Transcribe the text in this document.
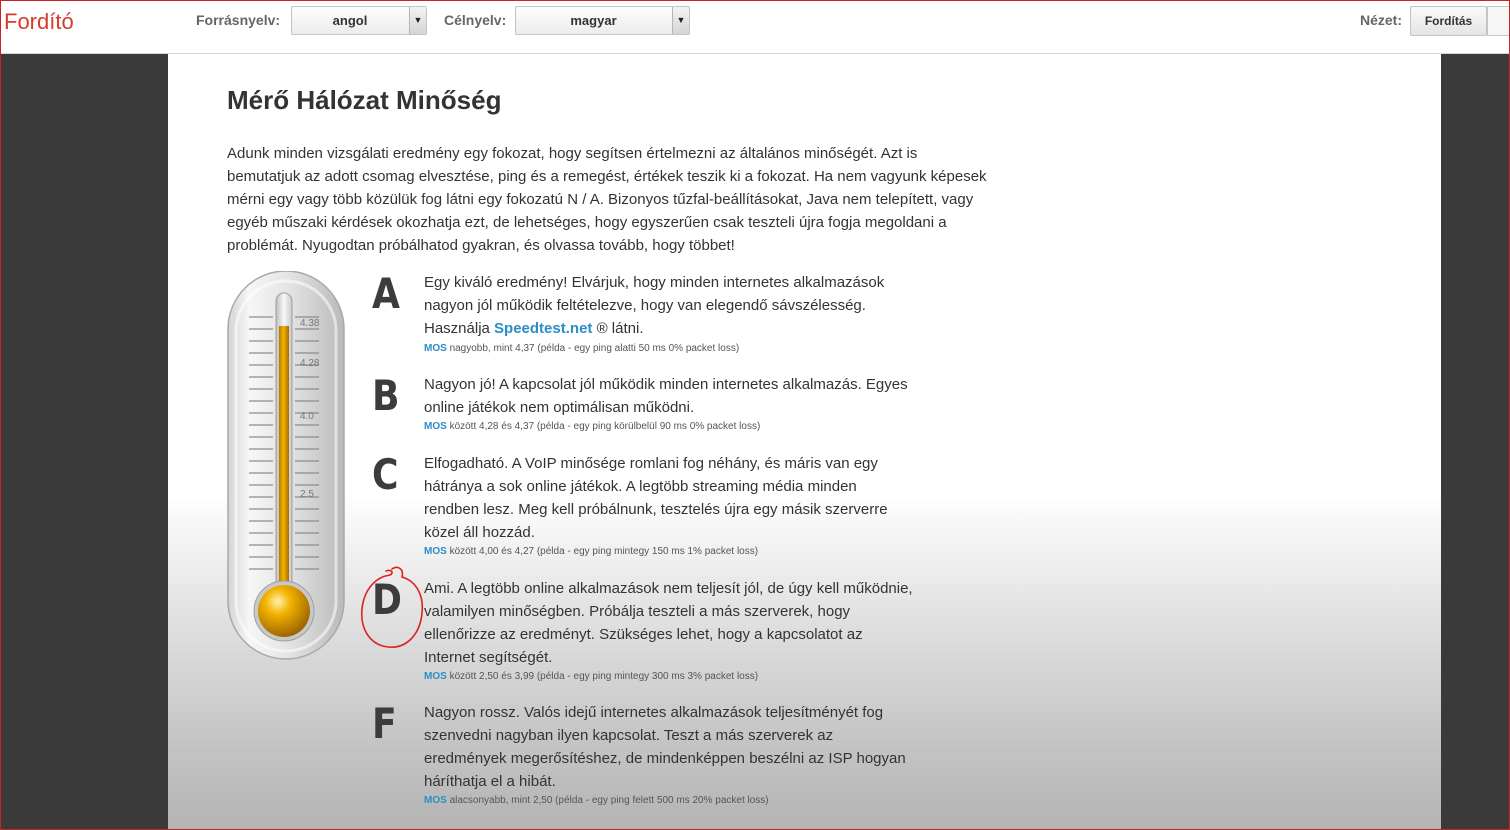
Fordító	Forrásnyelv:	angol	▼ Célnyelv:	magyar	▼	Nézet:	Fordítás
Mérő Hálózat Minőség

Adunk minden vizsgálati eredmény egy fokozat, hogy segítsen értelmezni az általános minőségét. Azt is bemutatjuk az adott csomag elvesztése, ping és a remegést, értékek teszik ki a fokozat. Ha nem vagyunk képesek mérni egy vagy több közülük fog látni egy fokozatú N / A. Bizonyos tűzfal-beállításokat, Java nem telepített, vagy egyéb műszaki kérdések okozhatja ezt, de lehetséges, hogy egyszerűen csak teszteli újra fogja megoldani a problémát. Nyugodtan próbálhatod gyakran, és olvassa tovább, hogy többet!

4.38
4.28
4.0
2.5
A Egy kiváló eredmény! Elvárjuk, hogy minden internetes alkalmazások nagyon jól működik feltételezve, hogy van elegendő sávszélesség. Használja Speedtest.net ® látni.

MOS nagyobb, mint 4,37 (példa - egy ping alatti 50 ms 0% packet loss)
B Nagyon jó! A kapcsolat jól működik minden internetes alkalmazás. Egyes online játékok nem optimálisan működni.

MOS között 4,28 és 4,37 (példa - egy ping körülbelül 90 ms 0% packet loss)
C Elfogadható. A VoIP minősége romlani fog néhány, és máris van egy hátránya a sok online játékok. A legtöbb streaming média minden rendben lesz. Meg kell próbálnunk, tesztelés újra egy másik szerverre közel áll hozzád.

MOS között 4,00 és 4,27 (példa - egy ping mintegy 150 ms 1% packet loss)
D Ami. A legtöbb online alkalmazások nem teljesít jól, de úgy kell működnie, valamilyen minőségben. Próbálja teszteli a más szerverek, hogy ellenőrizze az eredményt. Szükséges lehet, hogy a kapcsolatot az Internet segítségét.

MOS között 2,50 és 3,99 (példa - egy ping mintegy 300 ms 3% packet loss)
F Nagyon rossz. Valós idejű internetes alkalmazások teljesítményét fog szenvedni nagyban ilyen kapcsolat. Teszt a más szerverek az eredmények megerősítéshez, de mindenképpen beszélni az ISP hogyan háríthatja el a hibát.

MOS alacsonyabb, mint 2,50 (példa - egy ping felett 500 ms 20% packet loss)
